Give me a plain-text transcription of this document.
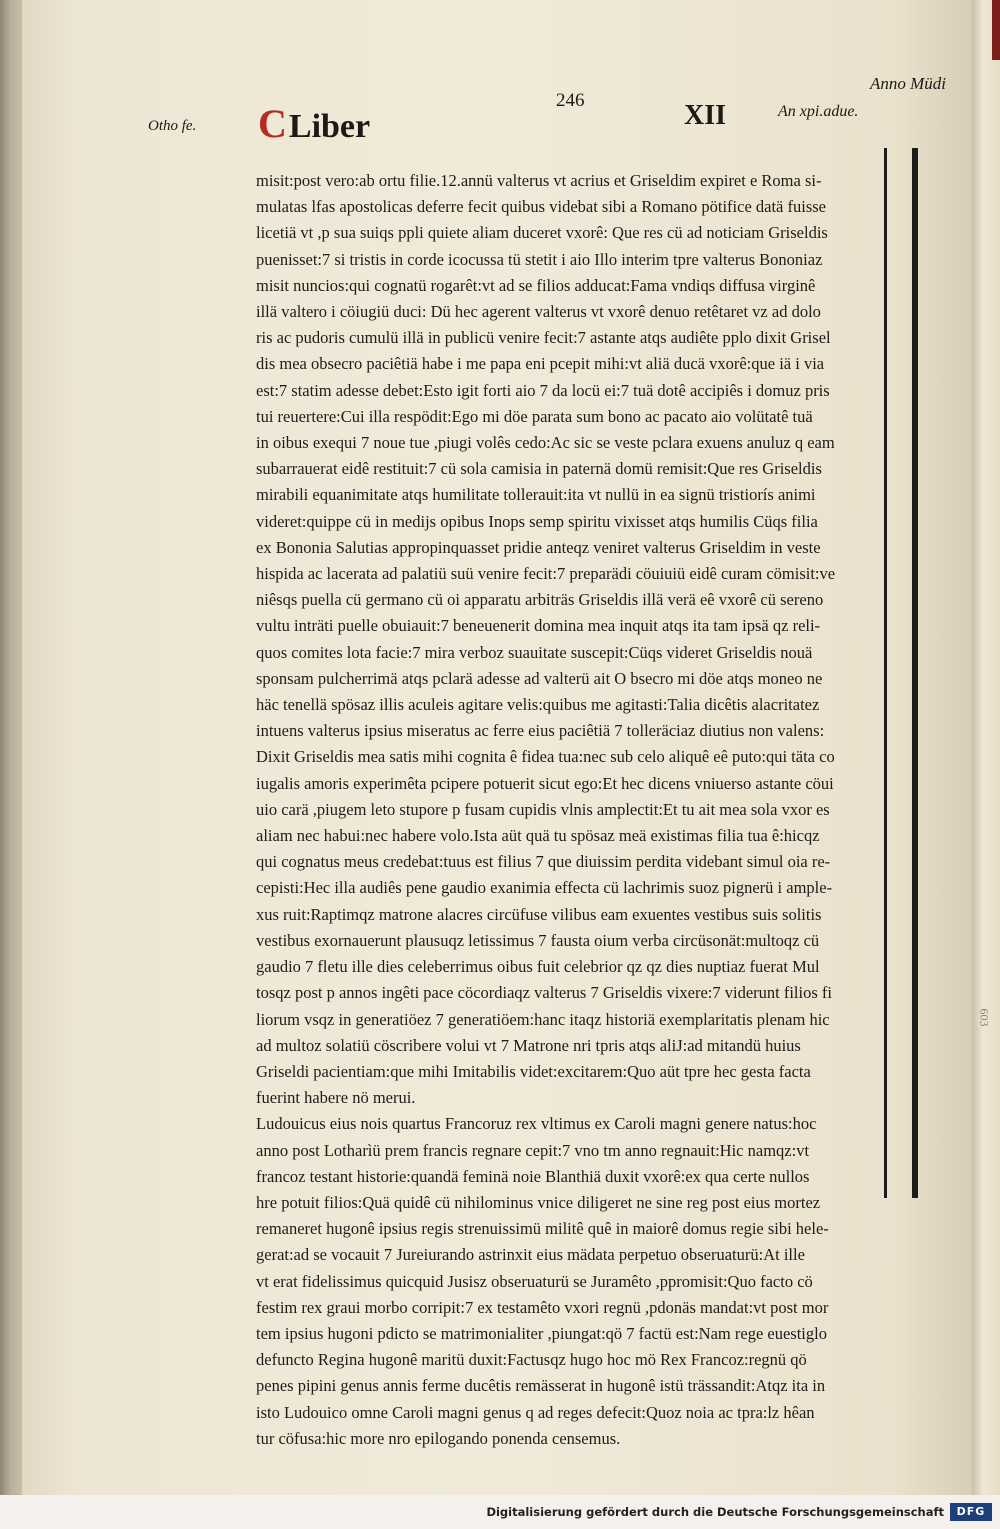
Otho fe. CLiber
246	XII	An xpi.adue.
Anno Müdi
603
misit:post vero:ab ortu filie.12.annü valterus vt acrius et Griseldim expiret e Roma si-
mulatas lfas apostolicas deferre fecit quibus videbat sibi a Romano pötifice datä fuisse
licetiä vt ,p sua suiqs ppli quiete aliam duceret vxorê: Que res cü ad noticiam Griseldis
puenisset:7 si tristis in corde icocussa tü stetit i aio Illo interim tpre valterus Bononiaz
misit nuncios:qui cognatü rogarêt:vt ad se filios adducat:Fama vndiqs diffusa virginê
illä valtero i cöiugiü duci: Dü hec agerent valterus vt vxorê denuo retêtaret vz ad dolo
ris ac pudoris cumulü illä in publicü venire fecit:7 astante atqs audiête pplo dixit Grisel
dis mea obsecro paciêtiä habe i me papa eni pcepit mihi:vt aliä ducä vxorê:que iä i via
est:7 statim adesse debet:Esto igit forti aio 7 da locü ei:7 tuä dotê accipiês i domuz pris
tui reuertere:Cui illa respödit:Ego mi döe parata sum bono ac pacato aio volütatê tuä
in oibus exequi 7 noue tue ,piugi volês cedo:Ac sic se veste pclara exuens anuluz q eam
subarrauerat eidê restituit:7 cü sola camisia in paternä domü remisit:Que res Griseldis
mirabili equanimitate atqs humilitate tollerauit:ita vt nullü in ea signü tristiorís animi
videret:quippe cü in medijs opibus Inops semp spiritu vixisset atqs humilis Cüqs filia
ex Bononia Salutias appropinquasset pridie anteqz veniret valterus Griseldim in veste
hispida ac lacerata ad palatiü suü venire fecit:7 preparädi cöuiuiü eidê curam cömisit:ve
niêsqs puella cü germano cü oi apparatu arbiträs Griseldis illä verä eê vxorê cü sereno
vultu inträti puelle obuiauit:7 beneuenerit domina mea inquit atqs ita tam ipsä qz reli-
quos comites lota facie:7 mira verboz suauitate suscepit:Cüqs videret Griseldis nouä
sponsam pulcherrimä atqs pclarä adesse ad valterü ait O bsecro mi döe atqs moneo ne
häc tenellä spösaz illis aculeis agitare velis:quibus me agitasti:Talia dicêtis alacritatez
intuens valterus ipsius miseratus ac ferre eius paciêtiä 7 tolleräciaz diutius non valens:
Dixit Griseldis mea satis mihi cognita ê fidea tua:nec sub celo aliquê eê puto:qui täta co
iugalis amoris experimêta pcipere potuerit sicut ego:Et hec dicens vniuerso astante cöui
uio carä ,piugem leto stupore p fusam cupidis vlnis amplectit:Et tu ait mea sola vxor es
aliam nec habui:nec habere volo.Ista aüt quä tu spösaz meä existimas filia tua ê:hicqz
qui cognatus meus credebat:tuus est filius 7 que diuissim perdita videbant simul oia re-
cepisti:Hec illa audiês pene gaudio exanimia effecta cü lachrimis suoz pignerü i ample-
xus ruit:Raptimqz matrone alacres circüfuse vilibus eam exuentes vestibus suis solitis
vestibus exornauerunt plausuqz letissimus 7 fausta oium verba circüsonät:multoqz cü
gaudio 7 fletu ille dies celeberrimus oibus fuit celebrior qz qz dies nuptiaz fuerat Mul
tosqz post p annos ingêti pace cöcordiaqz valterus 7 Griseldis vixere:7 viderunt filios fi
liorum vsqz in generatiöez 7 generatiöem:hanc itaqz historiä exemplaritatis plenam hic
ad multoz solatiü cöscribere volui vt 7 Matrone nri tpris atqs aliJ:ad mitandü huius
Griseldi pacientiam:que mihi Imitabilis videt:excitarem:Quo aüt tpre hec gesta facta
fuerint habere nö merui.
Ludouicus eius nois quartus Francoruz rex vltimus ex Caroli magni genere natus:hoc
anno post Lotharìü prem francis regnare cepit:7 vno tm anno regnauit:Hic namqz:vt
francoz testant historie:quandä feminä noie Blanthiä duxit vxorê:ex qua certe nullos
hre potuit filios:Quä quidê cü nihilominus vnice diligeret ne sine reg post eius mortez
remaneret hugonê ipsius regis strenuissimü militê quê in maiorê domus regie sibi hele-
gerat:ad se vocauit 7 Jureiurando astrinxit eius mädata perpetuo obseruaturü:At ille
vt erat fidelissimus quicquid Jusisz obseruaturü se Juramêto ,ppromisit:Quo facto cö
festim rex graui morbo corripit:7 ex testamêto vxori regnü ,pdonäs mandat:vt post mor
tem ipsius hugoni pdicto se matrimonialiter ,piungat:qö 7 factü est:Nam rege euestiglo
defuncto Regina hugonê maritü duxit:Factusqz hugo hoc mö Rex Francoz:regnü qö
penes pipini genus annis ferme ducêtis remässerat in hugonê istü trässandit:Atqz ita in
isto Ludouico omne Caroli magni genus q ad reges defecit:Quoz noia ac tpra:lz hêan
tur cöfusa:hic more nro epilogando ponenda censemus.
Digitalisierung gefördert durch die Deutsche Forschungsgemeinschaft	DFG
